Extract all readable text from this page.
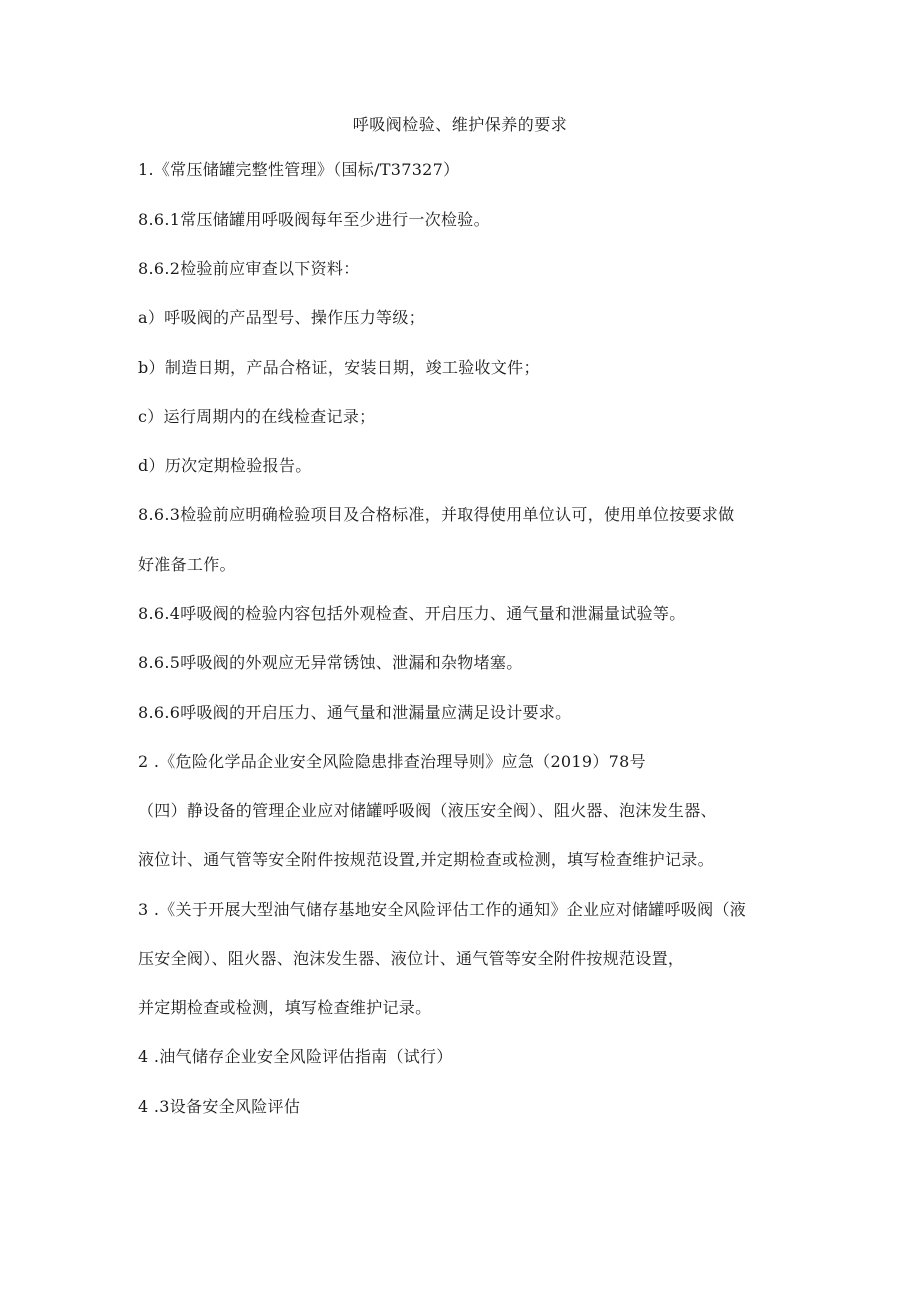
呼吸阀检验、维护保养的要求
1.《常压储罐完整性管理》（国标/T37327）
8.6.1常压储罐用呼吸阀每年至少进行一次检验。
8.6.2检验前应审查以下资料：
a）呼吸阀的产品型号、操作压力等级；
b）制造日期，产品合格证，安装日期，竣工验收文件；
c）运行周期内的在线检查记录；
d）历次定期检验报告。
8.6.3检验前应明确检验项目及合格标准，并取得使用单位认可，使用单位按要求做
好准备工作。
8.6.4呼吸阀的检验内容包括外观检查、开启压力、通气量和泄漏量试验等。
8.6.5呼吸阀的外观应无异常锈蚀、泄漏和杂物堵塞。
8.6.6呼吸阀的开启压力、通气量和泄漏量应满足设计要求。
2 .《危险化学品企业安全风险隐患排查治理导则》应急（2019）78号
（四）静设备的管理企业应对储罐呼吸阀（液压安全阀）、阻火器、泡沫发生器、
液位计、通气管等安全附件按规范设置,并定期检查或检测，填写检查维护记录。
3 .《关于开展大型油气储存基地安全风险评估工作的通知》企业应对储罐呼吸阀（液
压安全阀）、阻火器、泡沫发生器、液位计、通气管等安全附件按规范设置，
并定期检查或检测，填写检查维护记录。
4 .油气储存企业安全风险评估指南（试行）
4 .3设备安全风险评估
